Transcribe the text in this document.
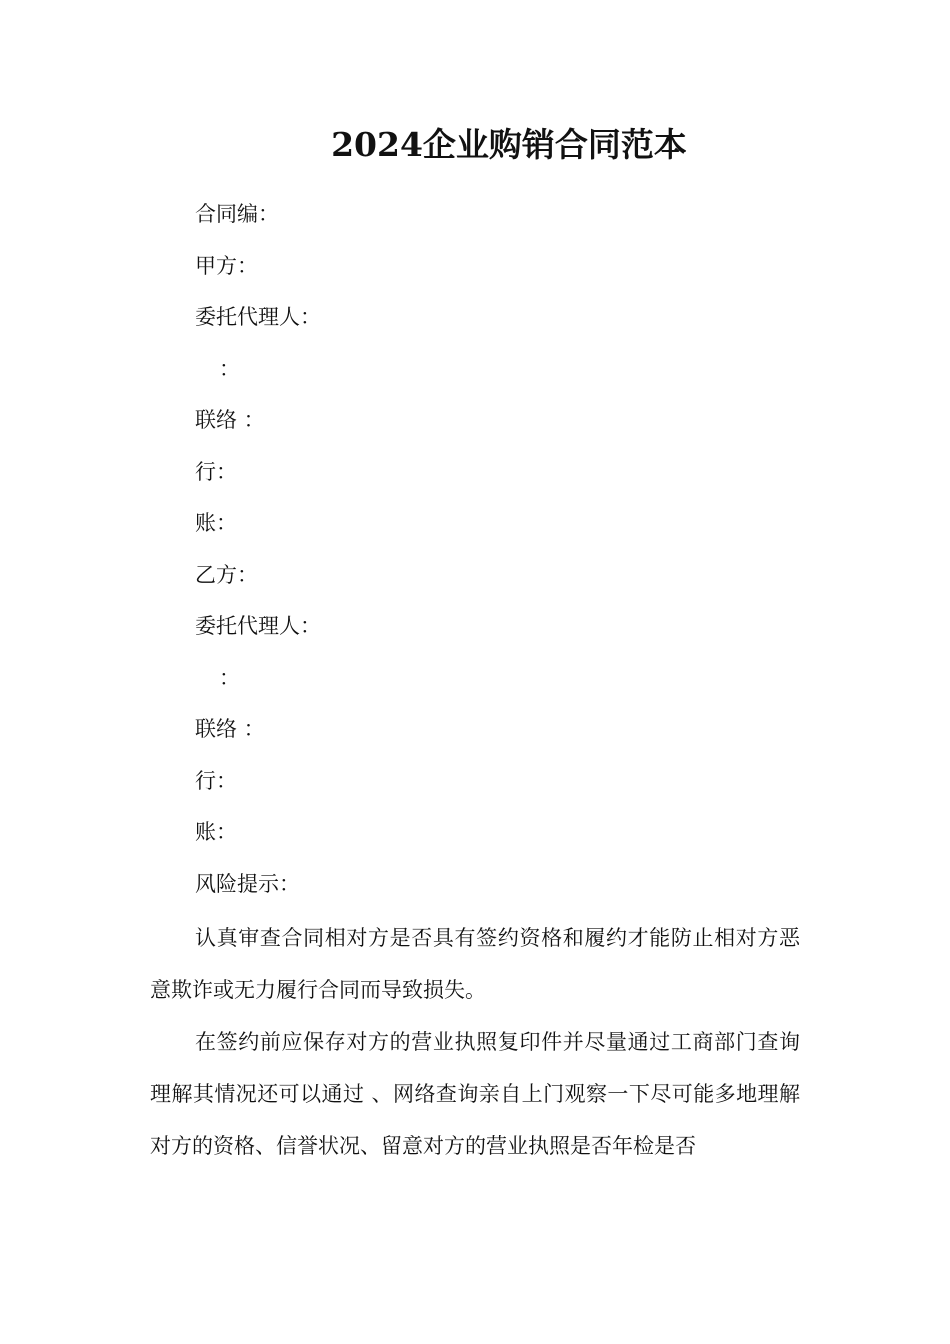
2024企业购销合同范本
合同编：
甲方：
委托代理人：
：
联络 ：
行：
账：
乙方：
委托代理人：
：
联络 ：
行：
账：
风险提示：

认真审查合同相对方是否具有签约资格和履约才能防止相对方恶意欺诈或无力履行合同而导致损失。

在签约前应保存对方的营业执照复印件并尽量通过工商部门查询理解其情况还可以通过 、网络查询亲自上门观察一下尽可能多地理解对方的资格、信誉状况、留意对方的营业执照是否年检是否
